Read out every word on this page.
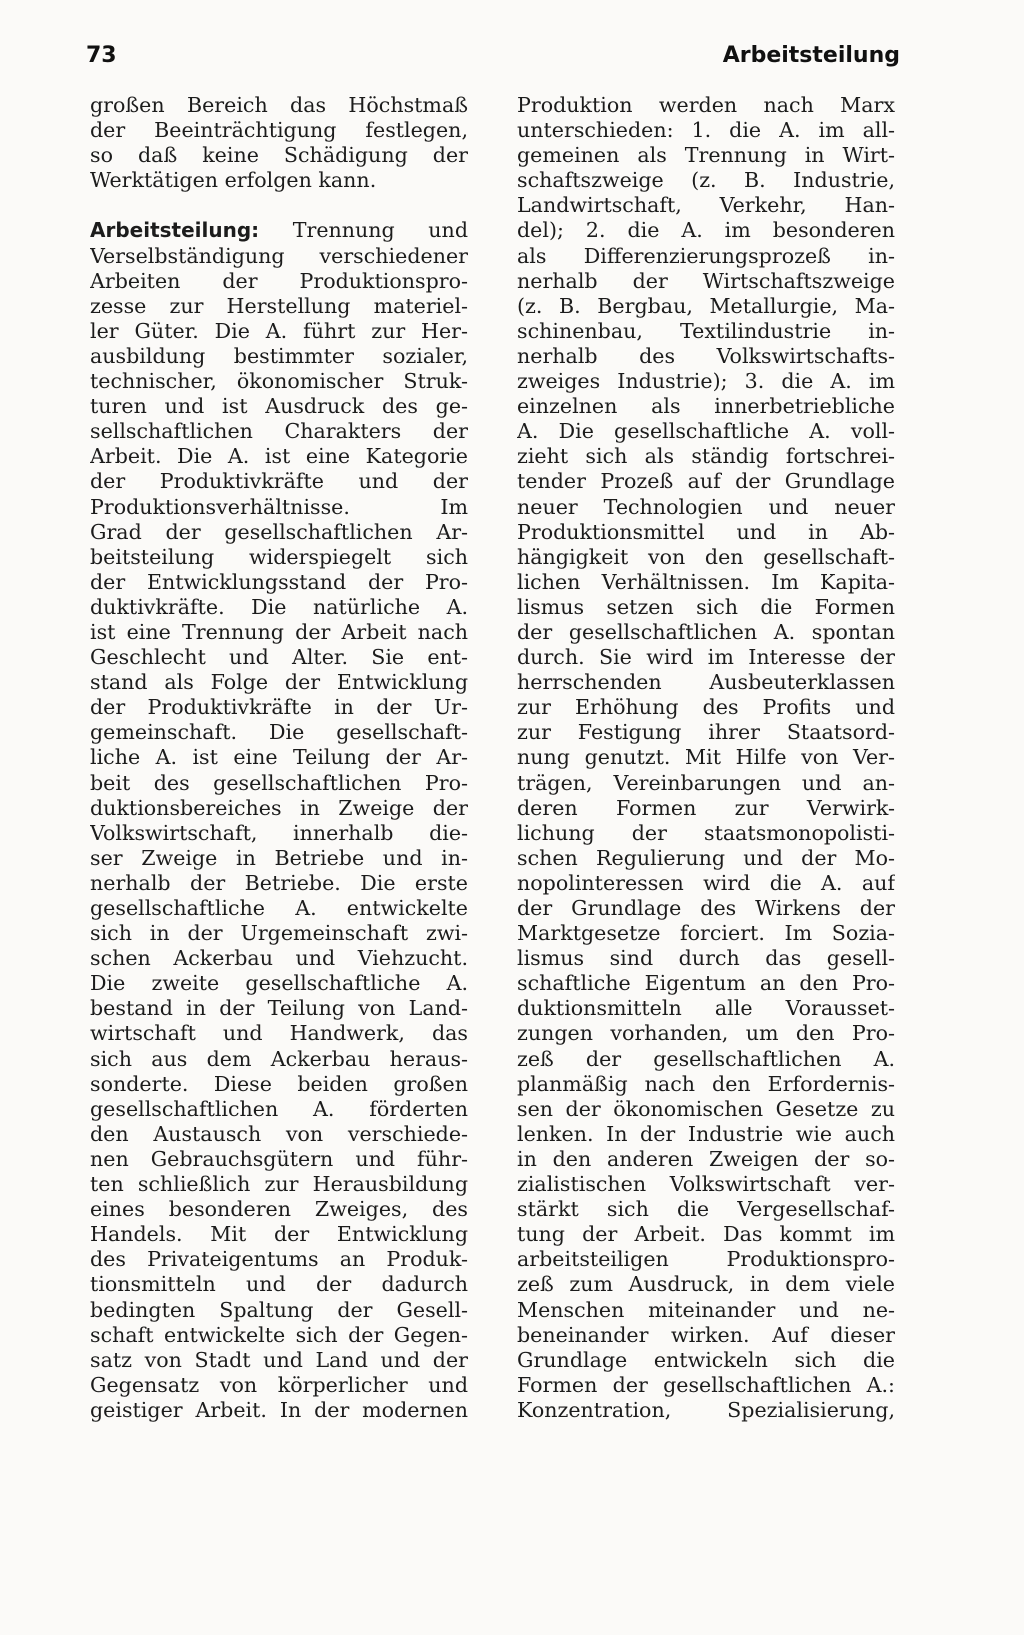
73	Arbeitsteilung
großen Bereich das Höchstmaß
der Beeinträchtigung festlegen,
so daß keine Schädigung der
Werktätigen erfolgen kann.
Arbeitsteilung: Trennung und
Verselbständigung verschiedener
Arbeiten der Produktionspro-
zesse zur Herstellung materiel-
ler Güter. Die A. führt zur Her-
ausbildung bestimmter sozialer,
technischer, ökonomischer Struk-
turen und ist Ausdruck des ge-
sellschaftlichen Charakters der
Arbeit. Die A. ist eine Kategorie
der Produktivkräfte und der
Produktionsverhältnisse. Im
Grad der gesellschaftlichen Ar-
beitsteilung widerspiegelt sich
der Entwicklungsstand der Pro-
duktivkräfte. Die natürliche A.
ist eine Trennung der Arbeit nach
Geschlecht und Alter. Sie ent-
stand als Folge der Entwicklung
der Produktivkräfte in der Ur-
gemeinschaft. Die gesellschaft-
liche A. ist eine Teilung der Ar-
beit des gesellschaftlichen Pro-
duktionsbereiches in Zweige der
Volkswirtschaft, innerhalb die-
ser Zweige in Betriebe und in-
nerhalb der Betriebe. Die erste
gesellschaftliche A. entwickelte
sich in der Urgemeinschaft zwi-
schen Ackerbau und Viehzucht.
Die zweite gesellschaftliche A.
bestand in der Teilung von Land-
wirtschaft und Handwerk, das
sich aus dem Ackerbau heraus-
sonderte. Diese beiden großen
gesellschaftlichen A. förderten
den Austausch von verschiede-
nen Gebrauchsgütern und führ-
ten schließlich zur Herausbildung
eines besonderen Zweiges, des
Handels. Mit der Entwicklung
des Privateigentums an Produk-
tionsmitteln und der dadurch
bedingten Spaltung der Gesell-
schaft entwickelte sich der Gegen-
satz von Stadt und Land und der
Gegensatz von körperlicher und
geistiger Arbeit. In der modernen
Produktion werden nach Marx
unterschieden: 1. die A. im all-
gemeinen als Trennung in Wirt-
schaftszweige (z. B. Industrie,
Landwirtschaft, Verkehr, Han-
del); 2. die A. im besonderen
als Differenzierungsprozeß in-
nerhalb der Wirtschaftszweige
(z. B. Bergbau, Metallurgie, Ma-
schinenbau, Textilindustrie in-
nerhalb des Volkswirtschafts-
zweiges Industrie); 3. die A. im
einzelnen als innerbetriebliche
A. Die gesellschaftliche A. voll-
zieht sich als ständig fortschrei-
tender Prozeß auf der Grundlage
neuer Technologien und neuer
Produktionsmittel und in Ab-
hängigkeit von den gesellschaft-
lichen Verhältnissen. Im Kapita-
lismus setzen sich die Formen
der gesellschaftlichen A. spontan
durch. Sie wird im Interesse der
herrschenden Ausbeuterklassen
zur Erhöhung des Profits und
zur Festigung ihrer Staatsord-
nung genutzt. Mit Hilfe von Ver-
trägen, Vereinbarungen und an-
deren Formen zur Verwirk-
lichung der staatsmonopolisti-
schen Regulierung und der Mo-
nopolinteressen wird die A. auf
der Grundlage des Wirkens der
Marktgesetze forciert. Im Sozia-
lismus sind durch das gesell-
schaftliche Eigentum an den Pro-
duktionsmitteln alle Vorausset-
zungen vorhanden, um den Pro-
zeß der gesellschaftlichen A.
planmäßig nach den Erfordernis-
sen der ökonomischen Gesetze zu
lenken. In der Industrie wie auch
in den anderen Zweigen der so-
zialistischen Volkswirtschaft ver-
stärkt sich die Vergesellschaf-
tung der Arbeit. Das kommt im
arbeitsteiligen Produktionspro-
zeß zum Ausdruck, in dem viele
Menschen miteinander und ne-
beneinander wirken. Auf dieser
Grundlage entwickeln sich die
Formen der gesellschaftlichen A.:
Konzentration, Spezialisierung,
